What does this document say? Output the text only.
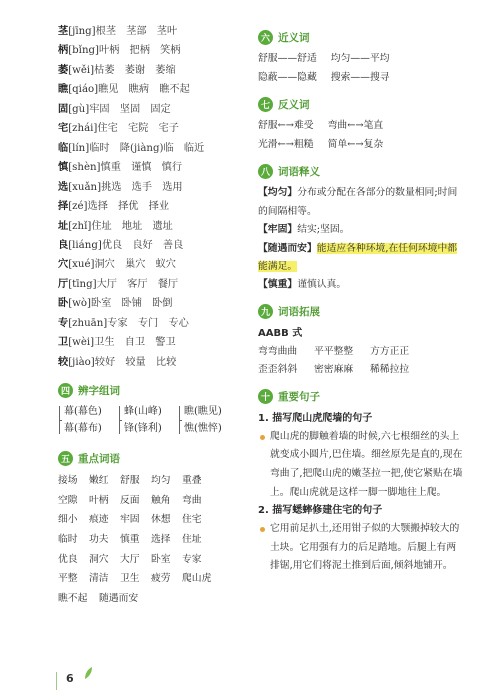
茎[jīng]根茎　茎部　茎叶
柄[bǐng]叶柄　把柄　笑柄
萎[wěi]枯萎　萎谢　萎缩
瞧[qiáo]瞧见　瞧病　瞧不起
固[gù]牢固　坚固　固定
宅[zhái]住宅　宅院　宅子
临[lín]临时　降(jiàng)临　临近
慎[shèn]慎重　谨慎　慎行
选[xuǎn]挑选　选手　选用
择[zé]选择　择优　择业
址[zhǐ]住址　地址　遗址
良[liáng]优良　良好　善良
穴[xué]洞穴　巢穴　蚁穴
厅[tīng]大厅　客厅　餐厅
卧[wò]卧室　卧铺　卧倒
专[zhuān]专家　专门　专心
卫[wèi]卫生　自卫　警卫
较[jiào]较好　较量　比较
四 辨字组词
幕(幕色)
幕(幕布)
蜂(山峰)
锋(锋利)
瞧(瞧见)
憔(憔悴)
五 重点词语
接场 嫩红 舒服 均匀 重叠
空隙 叶柄 反面 触角 弯曲
细小 痕迹 牢固 休想 住宅
临时 功夫 慎重 选择 住址
优良 洞穴 大厅 卧室 专家
平整 清洁 卫生 疲劳 爬山虎
瞧不起 随遇而安
六 近义词
舒服——舒适 均匀——平均
隐蔽——隐藏 搜索——搜寻
七 反义词
舒服←→难受 弯曲←→笔直
光滑←→粗糙 简单←→复杂
八 词语释义
【均匀】分布或分配在各部分的数量相同;时间的间隔相等。
【牢固】结实;坚固。
【随遇而安】能适应各种环境,在任何环境中都能满足。
【慎重】谨慎认真。
九 词语拓展
AABB 式
弯弯曲曲 平平整整 方方正正
歪歪斜斜 密密麻麻 稀稀拉拉
十 重要句子
1. 描写爬山虎爬墙的句子
爬山虎的脚触着墙的时候,六七根细丝的头上就变成小圆片,巴住墙。细丝原先是直的,现在弯曲了,把爬山虎的嫩茎拉一把,使它紧贴在墙上。爬山虎就是这样一脚一脚地往上爬。
2. 描写蟋蟀修建住宅的句子
它用前足扒土,还用钳子似的大颚搬掉较大的土块。它用强有力的后足踏地。后腿上有两排锯,用它们将泥土推到后面,倾斜地铺开。
6
